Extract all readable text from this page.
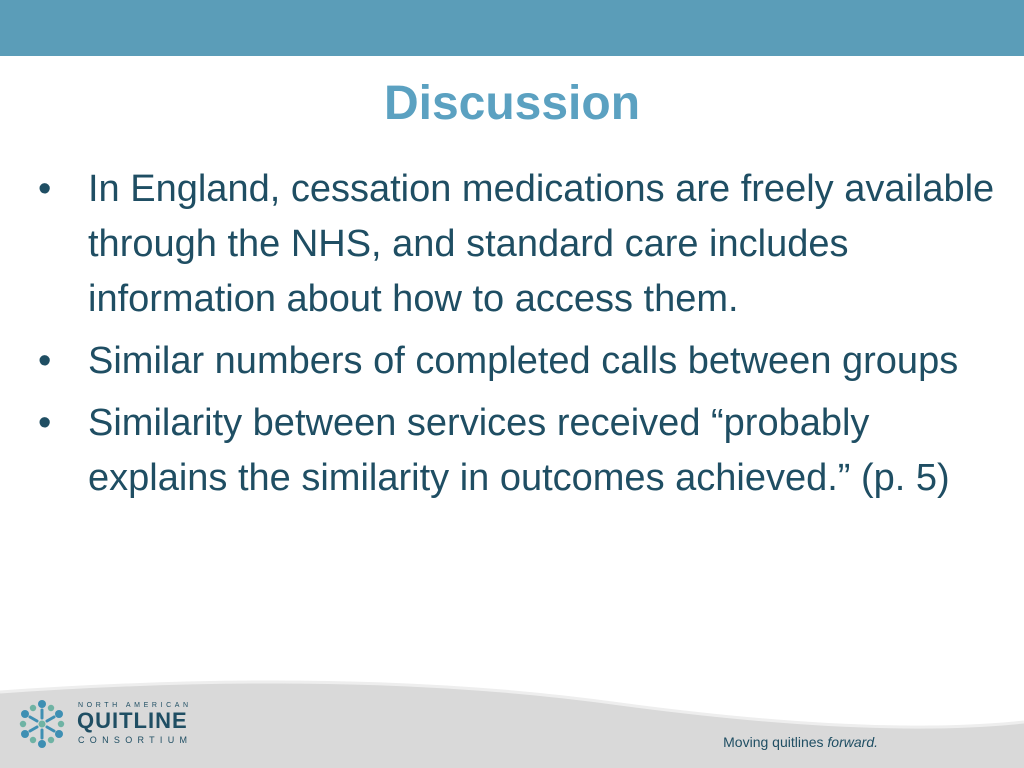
Discussion
• In England, cessation medications are freely available through the NHS, and standard care includes information about how to access them.
• Similar numbers of completed calls between groups
• Similarity between services received “probably explains the similarity in outcomes achieved.” (p. 5)
NORTH AMERICAN
QUITLINE
CONSORTIUM	Moving quitlines forward.
